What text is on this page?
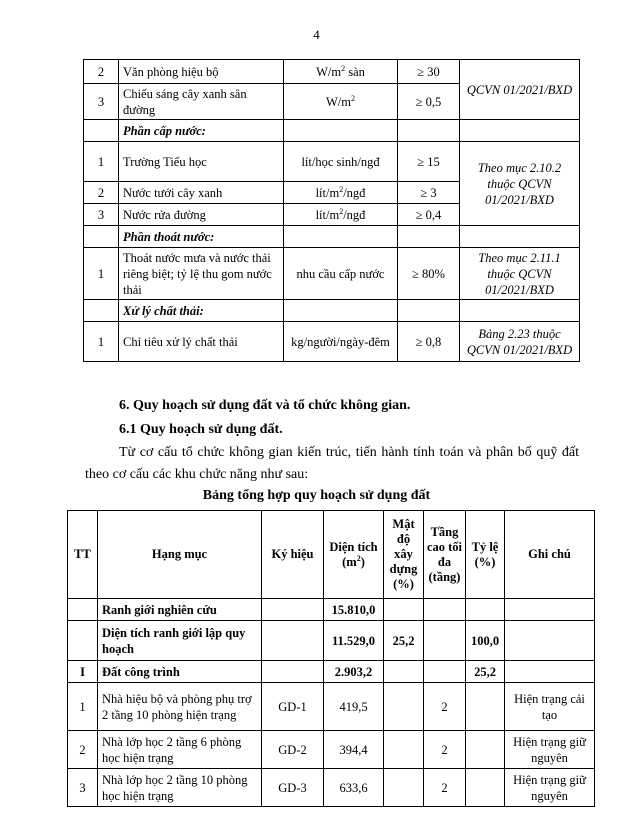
4
2	Văn phòng hiệu bộ	$W/m^2$ sàn	≥ 30	QCVN 01/2021/BXD
3	Chiếu sáng cây xanh sân đường	$W/m^2$	≥ 0,5	
	Phần cấp nước:			
1	Trường Tiểu học	lít/học sinh/ngđ	≥ 15	Theo mục 2.10.2 thuộc QCVN 01/2021/BXD
2	Nước tưới cây xanh	lít/$m^2$/ngđ	≥ 3	
3	Nước rửa đường	lít/$m^2$/ngđ	≥ 0,4	
	Phần thoát nước:			
1	Thoát nước mưa và nước thải riêng biệt; tỷ lệ thu gom nước thải	nhu cầu cấp nước	≥ 80%	Theo mục 2.11.1 thuộc QCVN 01/2021/BXD
	Xử lý chất thải:			
1	Chỉ tiêu xử lý chất thải	kg/người/ngày-đêm	≥ 0,8	Bảng 2.23 thuộc QCVN 01/2021/BXD
6. Quy hoạch sử dụng đất và tổ chức không gian.
6.1 Quy hoạch sử dụng đất.
Từ cơ cấu tổ chức không gian kiến trúc, tiến hành tính toán và phân bố quỹ đất theo cơ cấu các khu chức năng như sau:
Bảng tổng hợp quy hoạch sử dụng đất
TT	Hạng mục	Ký hiệu	Diện tích $(m^2)$	Mật độ xây dựng (%)	Tầng cao tối đa (tầng)	Tỷ lệ (%)	Ghi chú
	Ranh giới nghiên cứu		15.810,0				
	Diện tích ranh giới lập quy hoạch		11.529,0	25,2		100,0	
I	Đất công trình		2.903,2			25,2	
1	Nhà hiệu bộ và phòng phụ trợ 2 tầng 10 phòng hiện trạng	GD-1	419,5		2		Hiện trạng cải tạo
2	Nhà lớp học 2 tầng 6 phòng học hiện trạng	GD-2	394,4		2		Hiện trạng giữ nguyên
3	Nhà lớp học 2 tầng 10 phòng học hiện trạng	GD-3	633,6		2		Hiện trạng giữ nguyên
